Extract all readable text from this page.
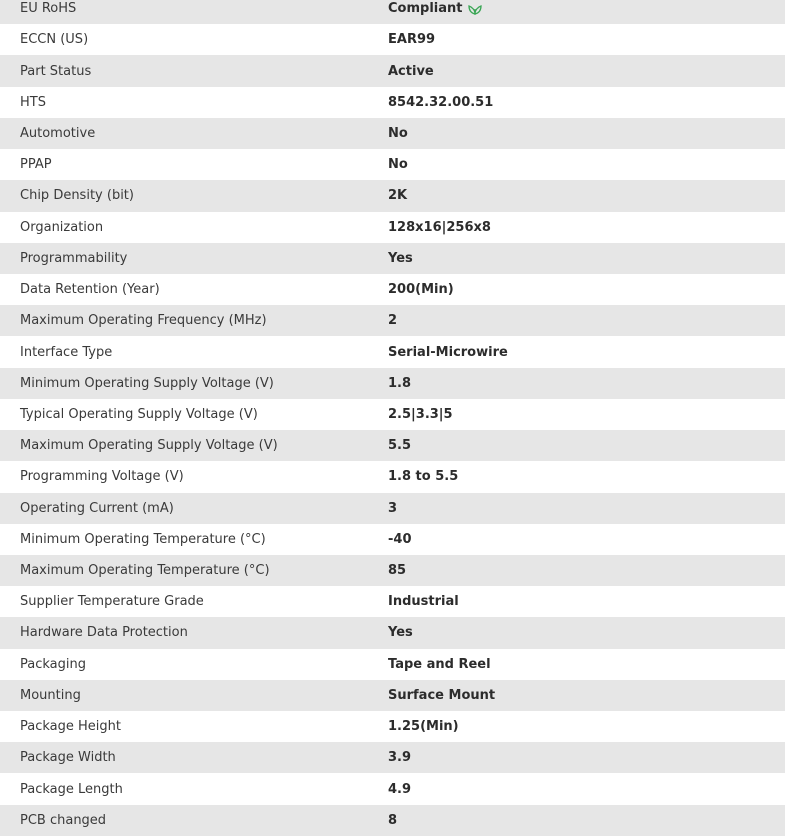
EU RoHS	Compliant
ECCN (US)	EAR99
Part Status	Active
HTS	8542.32.00.51
Automotive	No
PPAP	No
Chip Density (bit)	2K
Organization	128x16|256x8
Programmability	Yes
Data Retention (Year)	200(Min)
Maximum Operating Frequency (MHz)	2
Interface Type	Serial-Microwire
Minimum Operating Supply Voltage (V)	1.8
Typical Operating Supply Voltage (V)	2.5|3.3|5
Maximum Operating Supply Voltage (V)	5.5
Programming Voltage (V)	1.8 to 5.5
Operating Current (mA)	3
Minimum Operating Temperature (°C)	-40
Maximum Operating Temperature (°C)	85
Supplier Temperature Grade	Industrial
Hardware Data Protection	Yes
Packaging	Tape and Reel
Mounting	Surface Mount
Package Height	1.25(Min)
Package Width	3.9
Package Length	4.9
PCB changed	8
